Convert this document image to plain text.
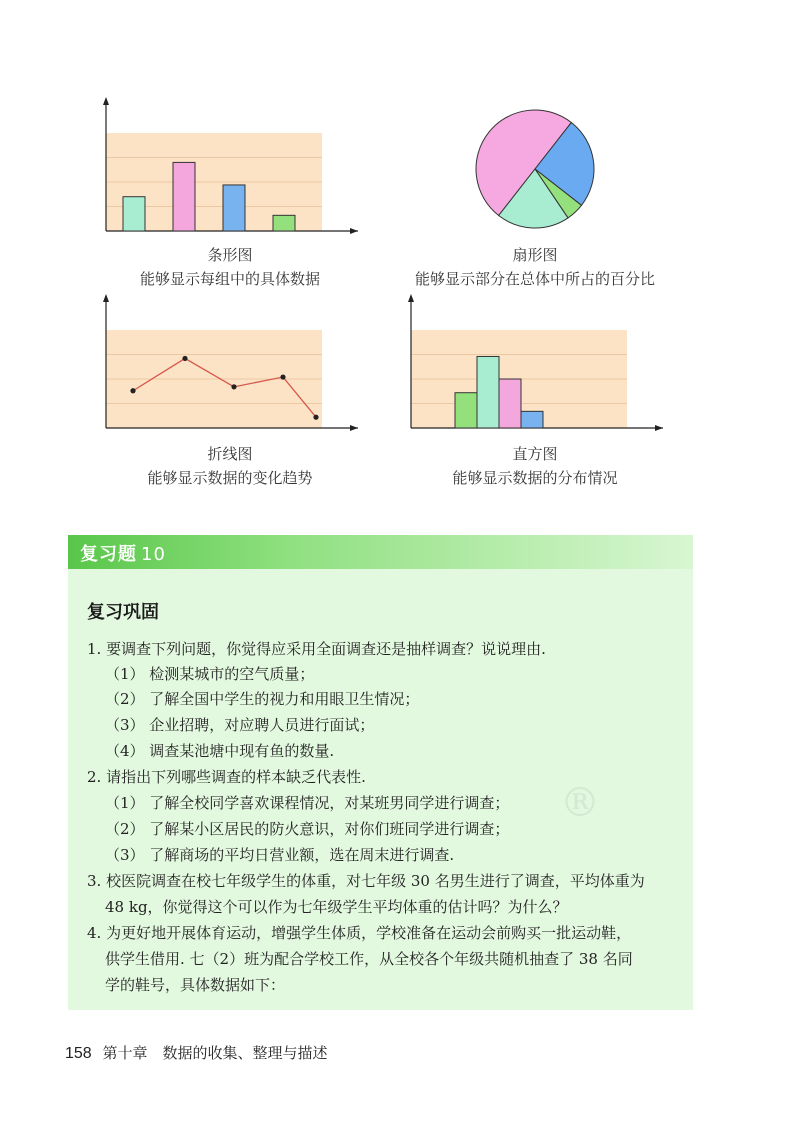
条形图
能够显示每组中的具体数据
扇形图
能够显示部分在总体中所占的百分比
折线图
能够显示数据的变化趋势
直方图
能够显示数据的分布情况
复习题 10
复习巩固
1. 要调查下列问题，你觉得应采用全面调查还是抽样调查？说说理由.
（1） 检测某城市的空气质量；
（2） 了解全国中学生的视力和用眼卫生情况；
（3） 企业招聘，对应聘人员进行面试；
（4） 调查某池塘中现有鱼的数量.
2. 请指出下列哪些调查的样本缺乏代表性.
（1） 了解全校同学喜欢课程情况，对某班男同学进行调查；
（2） 了解某小区居民的防火意识，对你们班同学进行调查；
（3） 了解商场的平均日营业额，选在周末进行调查.
3. 校医院调查在校七年级学生的体重，对七年级 30 名男生进行了调查，平均体重为
48 kg，你觉得这个可以作为七年级学生平均体重的估计吗？为什么？
4. 为更好地开展体育运动，增强学生体质，学校准备在运动会前购买一批运动鞋，
供学生借用. 七（2）班为配合学校工作，从全校各个年级共随机抽查了 38 名同
学的鞋号，具体数据如下：
®
158 第十章　数据的收集、整理与描述
